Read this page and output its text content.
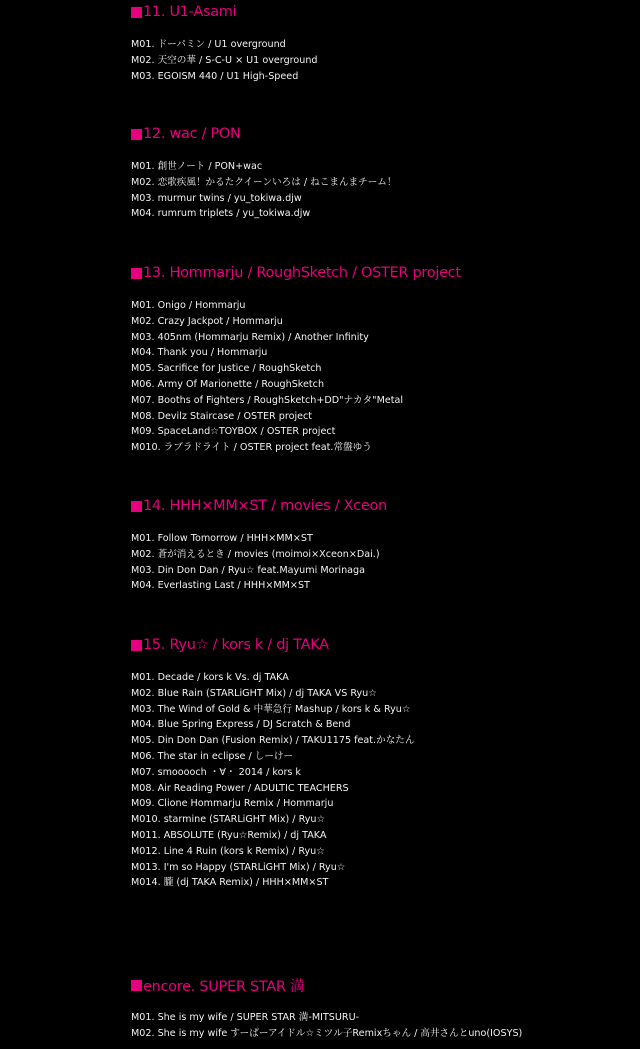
11. U1-Asami
M01. ドーパミン / U1 overground
M02. 天空の華 / S-C-U × U1 overground
M03. EGOISM 440 / U1 High-Speed
12. wac / PON
M01. 創世ノート / PON+wac
M02. 恋歌疾風！かるたクイーンいろは / ねこまんまチーム！
M03. murmur twins / yu_tokiwa.djw
M04. rumrum triplets / yu_tokiwa.djw
13. Hommarju / RoughSketch / OSTER project
M01. Onigo / Hommarju
M02. Crazy Jackpot / Hommarju
M03. 405nm (Hommarju Remix) / Another Infinity
M04. Thank you / Hommarju
M05. Sacrifice for Justice / RoughSketch
M06. Army Of Marionette / RoughSketch
M07. Booths of Fighters / RoughSketch+DD"ナカタ"Metal
M08. Devilz Staircase / OSTER project
M09. SpaceLand☆TOYBOX / OSTER project
M010. ラブラドライト / OSTER project feat.常盤ゆう
14. HHH×MM×ST / movies / Xceon
M01. Follow Tomorrow / HHH×MM×ST
M02. 蒼が消えるとき / movies (moimoi×Xceon×Dai.)
M03. Din Don Dan / Ryu☆ feat.Mayumi Morinaga
M04. Everlasting Last / HHH×MM×ST
15. Ryu☆ / kors k / dj TAKA
M01. Decade / kors k Vs. dj TAKA
M02. Blue Rain (STARLiGHT Mix) / dj TAKA VS Ryu☆
M03. The Wind of Gold & 中華急行 Mashup / kors k & Ryu☆
M04. Blue Spring Express / DJ Scratch & Bend
M05. Din Don Dan (Fusion Remix) / TAKU1175 feat.かなたん
M06. The star in eclipse / しーけー
M07. smooooch ・∀・ 2014 / kors k
M08. Air Reading Power / ADULTIC TEACHERS
M09. Clione Hommarju Remix / Hommarju
M010. starmine (STARLiGHT Mix) / Ryu☆
M011. ABSOLUTE (Ryu☆Remix) / dj TAKA
M012. Line 4 Ruin (kors k Remix) / Ryu☆
M013. I'm so Happy (STARLiGHT Mix) / Ryu☆
M014. 朧 (dj TAKA Remix) / HHH×MM×ST
encore. SUPER STAR 満
M01. She is my wife / SUPER STAR 満-MITSURU-
M02. She is my wife すーぱーアイドル☆ミツル子Remixちゃん / 高井さんとuno(IOSYS)
